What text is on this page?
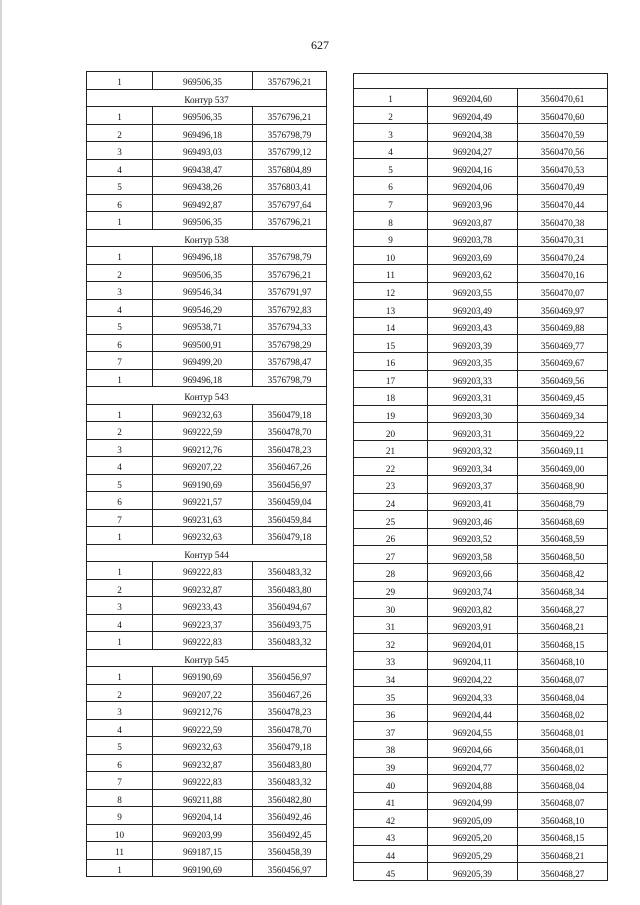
627
1	969506,35	3576796,21
Контур 537		
1	969506,35	3576796,21
2	969496,18	3576798,79
3	969493,03	3576799,12
4	969438,47	3576804,89
5	969438,26	3576803,41
6	969492,87	3576797,64
1	969506,35	3576796,21
Контур 538		
1	969496,18	3576798,79
2	969506,35	3576796,21
3	969546,34	3576791,97
4	969546,29	3576792,83
5	969538,71	3576794,33
6	969500,91	3576798,29
7	969499,20	3576798,47
1	969496,18	3576798,79
Контур 543		
1	969232,63	3560479,18
2	969222,59	3560478,70
3	969212,76	3560478,23
4	969207,22	3560467,26
5	969190,69	3560456,97
6	969221,57	3560459,04
7	969231,63	3560459,84
1	969232,63	3560479,18
Контур 544		
1	969222,83	3560483,32
2	969232,87	3560483,80
3	969233,43	3560494,67
4	969223,37	3560493,75
1	969222,83	3560483,32
Контур 545		
1	969190,69	3560456,97
2	969207,22	3560467,26
3	969212,76	3560478,23
4	969222,59	3560478,70
5	969232,63	3560479,18
6	969232,87	3560483,80
7	969222,83	3560483,32
8	969211,88	3560482,80
9	969204,14	3560492,46
10	969203,99	3560492,45
11	969187,15	3560458,39
1	969190,69	3560456,97

1	969204,60	3560470,61
2	969204,49	3560470,60
3	969204,38	3560470,59
4	969204,27	3560470,56
5	969204,16	3560470,53
6	969204,06	3560470,49
7	969203,96	3560470,44
8	969203,87	3560470,38
9	969203,78	3560470,31
10	969203,69	3560470,24
11	969203,62	3560470,16
12	969203,55	3560470,07
13	969203,49	3560469,97
14	969203,43	3560469,88
15	969203,39	3560469,77
16	969203,35	3560469,67
17	969203,33	3560469,56
18	969203,31	3560469,45
19	969203,30	3560469,34
20	969203,31	3560469,22
21	969203,32	3560469,11
22	969203,34	3560469,00
23	969203,37	3560468,90
24	969203,41	3560468,79
25	969203,46	3560468,69
26	969203,52	3560468,59
27	969203,58	3560468,50
28	969203,66	3560468,42
29	969203,74	3560468,34
30	969203,82	3560468,27
31	969203,91	3560468,21
32	969204,01	3560468,15
33	969204,11	3560468,10
34	969204,22	3560468,07
35	969204,33	3560468,04
36	969204,44	3560468,02
37	969204,55	3560468,01
38	969204,66	3560468,01
39	969204,77	3560468,02
40	969204,88	3560468,04
41	969204,99	3560468,07
42	969205,09	3560468,10
43	969205,20	3560468,15
44	969205,29	3560468,21
45	969205,39	3560468,27
